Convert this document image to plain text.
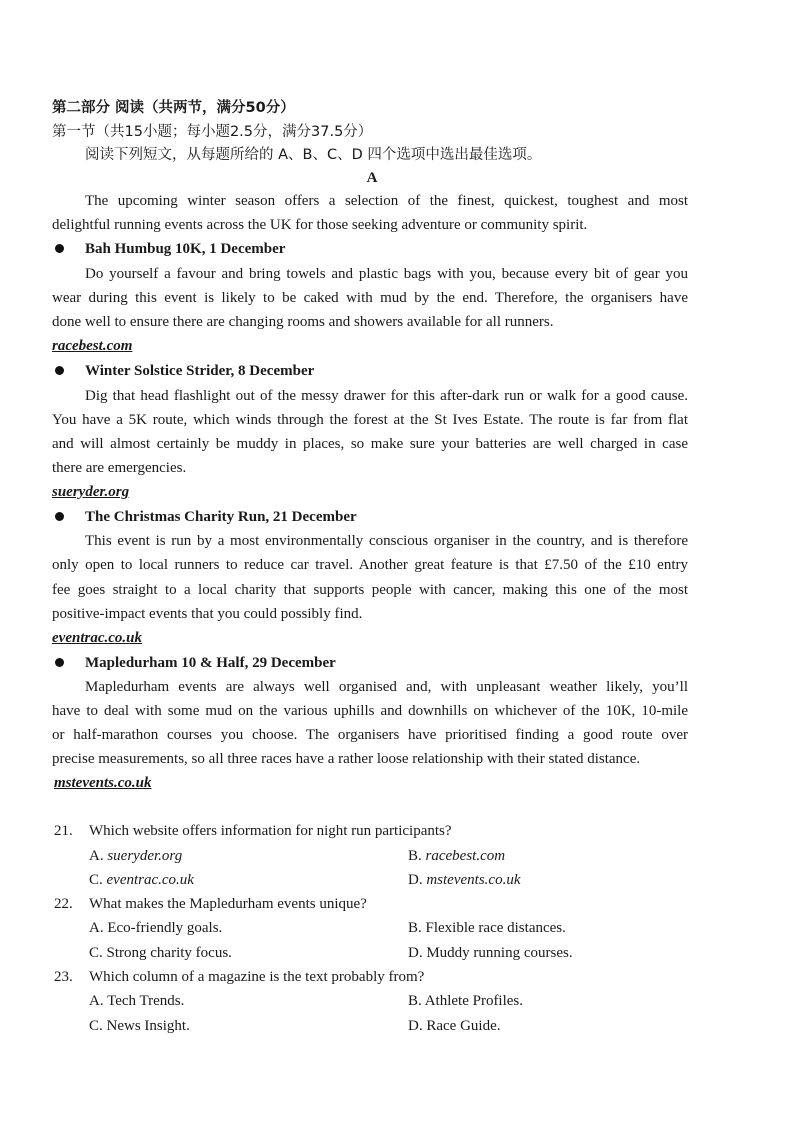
第二部分 阅读（共两节，满分50分）
第一节（共15小题；每小题2.5分，满分37.5分）
阅读下列短文，从每题所给的 A、B、C、D 四个选项中选出最佳选项。
A
The upcoming winter season offers a selection of the finest, quickest, toughest and most
delightful running events across the UK for those seeking adventure or community spirit.
Bah Humbug 10K, 1 December
Do yourself a favour and bring towels and plastic bags with you, because every bit of gear you
wear during this event is likely to be caked with mud by the end. Therefore, the organisers have
done well to ensure there are changing rooms and showers available for all runners.
racebest.com
Winter Solstice Strider, 8 December
Dig that head flashlight out of the messy drawer for this after-dark run or walk for a good cause.
You have a 5K route, which winds through the forest at the St Ives Estate. The route is far from flat
and will almost certainly be muddy in places, so make sure your batteries are well charged in case
there are emergencies.
sueryder.org
The Christmas Charity Run, 21 December
This event is run by a most environmentally conscious organiser in the country, and is therefore
only open to local runners to reduce car travel. Another great feature is that £7.50 of the £10 entry
fee goes straight to a local charity that supports people with cancer, making this one of the most
positive-impact events that you could possibly find.
eventrac.co.uk
Mapledurham 10 & Half, 29 December
Mapledurham events are always well organised and, with unpleasant weather likely, you’ll
have to deal with some mud on the various uphills and downhills on whichever of the 10K, 10-mile
or half-marathon courses you choose. The organisers have prioritised finding a good route over
precise measurements, so all three races have a rather loose relationship with their stated distance.
mstevents.co.uk
21. Which website offers information for night run participants?
A. sueryder.org	B. racebest.com
C. eventrac.co.uk	D. mstevents.co.uk
22. What makes the Mapledurham events unique?
A. Eco-friendly goals.	B. Flexible race distances.
C. Strong charity focus.	D. Muddy running courses.
23. Which column of a magazine is the text probably from?
A. Tech Trends.	B. Athlete Profiles.
C. News Insight.	D. Race Guide.
